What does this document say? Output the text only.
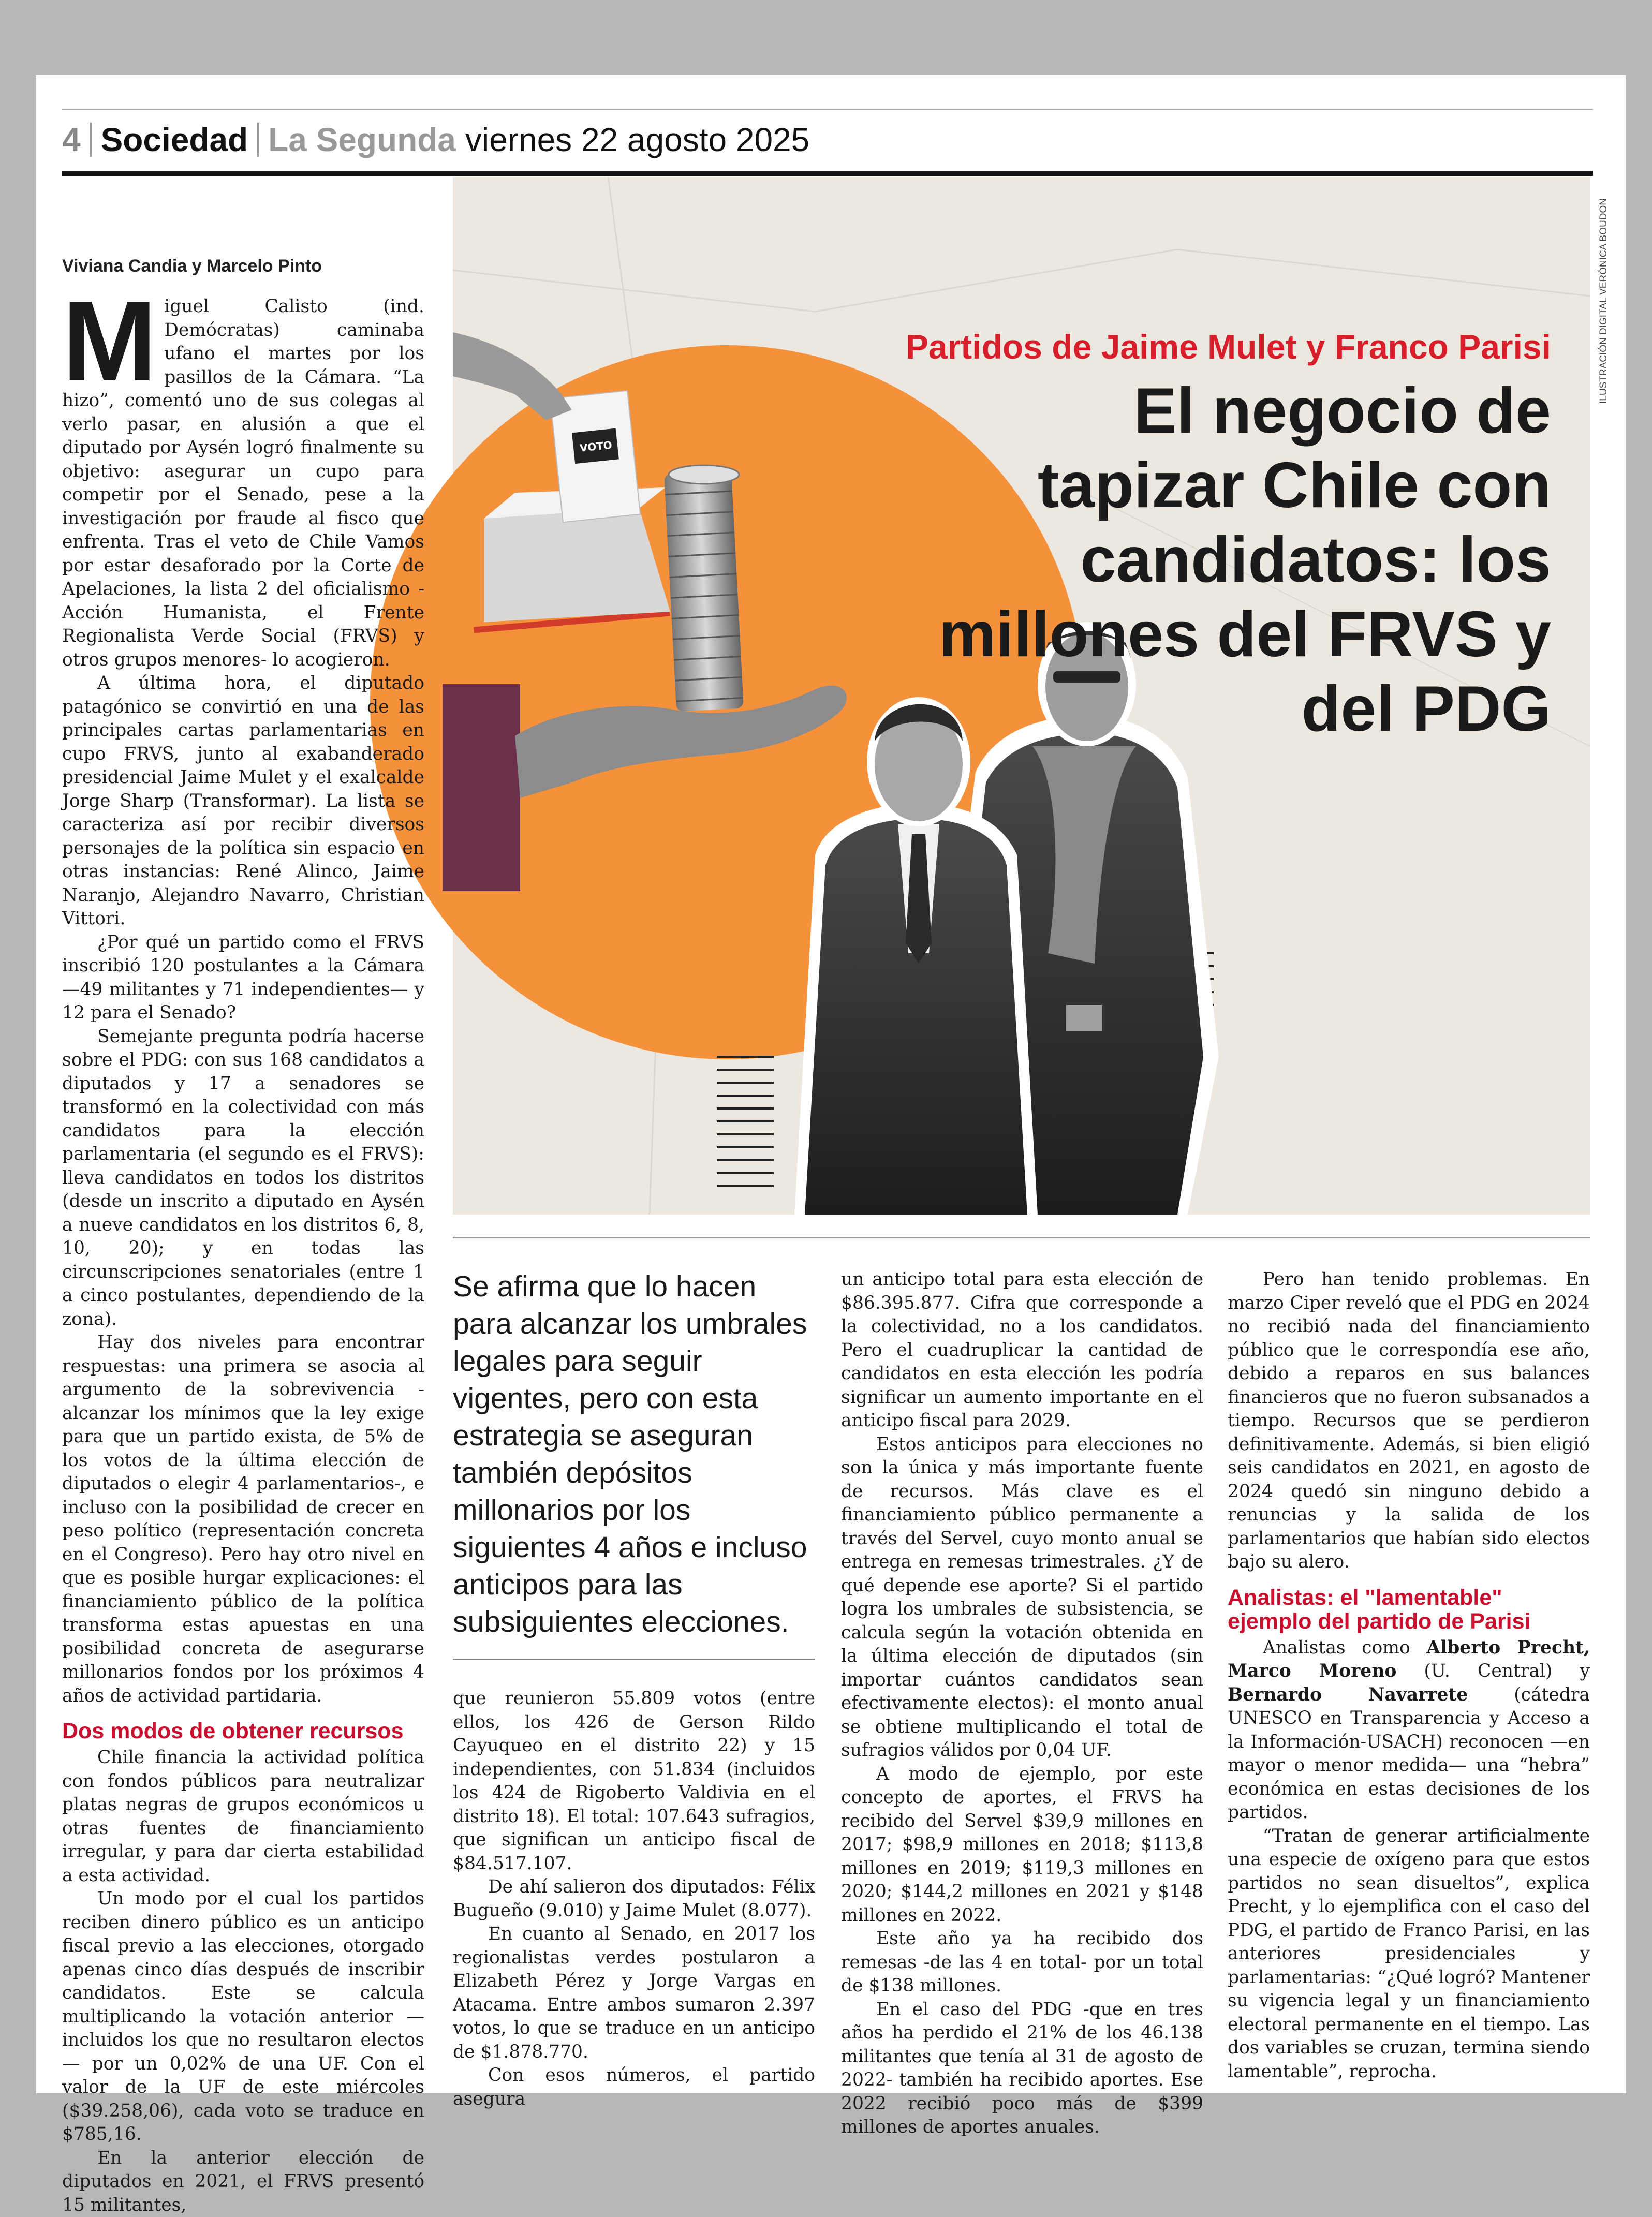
4 Sociedad La Segunda viernes 22 agosto 2025
ILUSTRACIÓN DIGITAL VERÓNICA BOUDON
VOTO
Partidos de Jaime Mulet y Franco Parisi
El negocio de tapizar Chile con candidatos: los millones del FRVS y del PDG
Viviana Candia y Marcelo Pinto

Miguel Calisto (ind. Demócratas) caminaba ufano el martes por los pasillos de la Cámara. “La hizo”, comentó uno de sus colegas al verlo pasar, en alusión a que el diputado por Aysén logró finalmente su objetivo: asegurar un cupo para competir por el Senado, pese a la investigación por fraude al fisco que enfrenta. Tras el veto de Chile Vamos por estar desaforado por la Corte de Apelaciones, la lista 2 del oficialismo -Acción Humanista, el Frente Regionalista Verde Social (FRVS) y otros grupos menores- lo acogieron.

A última hora, el diputado patagónico se convirtió en una de las principales cartas parlamentarias en cupo FRVS, junto al exabanderado presidencial Jaime Mulet y el exalcalde Jorge Sharp (Transformar). La lista se caracteriza así por recibir diversos personajes de la política sin espacio en otras instancias: René Alinco, Jaime Naranjo, Alejandro Navarro, Christian Vittori.

¿Por qué un partido como el FRVS inscribió 120 postulantes a la Cámara —49 militantes y 71 independientes— y 12 para el Senado?

Semejante pregunta podría hacerse sobre el PDG: con sus 168 candidatos a diputados y 17 a senadores se transformó en la colectividad con más candidatos para la elección parlamentaria (el segundo es el FRVS): lleva candidatos en todos los distritos (desde un inscrito a diputado en Aysén a nueve candidatos en los distritos 6, 8, 10, 20); y en todas las circunscripciones senatoriales (entre 1 a cinco postulantes, dependiendo de la zona).

Hay dos niveles para encontrar respuestas: una primera se asocia al argumento de la sobrevivencia -alcanzar los mínimos que la ley exige para que un partido exista, de 5% de los votos de la última elección de diputados o elegir 4 parlamentarios-, e incluso con la posibilidad de crecer en peso político (representación concreta en el Congreso). Pero hay otro nivel en que es posible hurgar explicaciones: el financiamiento público de la política transforma estas apuestas en una posibilidad concreta de asegurarse millonarios fondos por los próximos 4 años de actividad partidaria.

Dos modos de obtener recursos

Chile financia la actividad política con fondos públicos para neutralizar platas negras de grupos económicos u otras fuentes de financiamiento irregular, y para dar cierta estabilidad a esta actividad.

Un modo por el cual los partidos reciben dinero público es un anticipo fiscal previo a las elecciones, otorgado apenas cinco días después de inscribir candidatos. Este se calcula multiplicando la votación anterior —incluidos los que no resultaron electos— por un 0,02% de una UF. Con el valor de la UF de este miércoles ($39.258,06), cada voto se traduce en $785,16.

En la anterior elección de diputados en 2021, el FRVS presentó 15 militantes,

Se afirma que lo hacen para alcanzar los umbrales legales para seguir vigentes, pero con esta estrategia se aseguran también depósitos millonarios por los siguientes 4 años e incluso anticipos para las subsiguientes elecciones.

que reunieron 55.809 votos (entre ellos, los 426 de Gerson Rildo Cayuqueo en el distrito 22) y 15 independientes, con 51.834 (incluidos los 424 de Rigoberto Valdivia en el distrito 18). El total: 107.643 sufragios, que significan un anticipo fiscal de $84.517.107.

De ahí salieron dos diputados: Félix Bugueño (9.010) y Jaime Mulet (8.077).

En cuanto al Senado, en 2017 los regionalistas verdes postularon a Elizabeth Pérez y Jorge Vargas en Atacama. Entre ambos sumaron 2.397 votos, lo que se traduce en un anticipo de $1.878.770.

Con esos números, el partido asegura

un anticipo total para esta elección de $86.395.877. Cifra que corresponde a la colectividad, no a los candidatos. Pero el cuadruplicar la cantidad de candidatos en esta elección les podría significar un aumento importante en el anticipo fiscal para 2029.

Estos anticipos para elecciones no son la única y más importante fuente de recursos. Más clave es el financiamiento público permanente a través del Servel, cuyo monto anual se entrega en remesas trimestrales. ¿Y de qué depende ese aporte? Si el partido logra los umbrales de subsistencia, se calcula según la votación obtenida en la última elección de diputados (sin importar cuántos candidatos sean efectivamente electos): el monto anual se obtiene multiplicando el total de sufragios válidos por 0,04 UF.

A modo de ejemplo, por este concepto de aportes, el FRVS ha recibido del Servel $39,9 millones en 2017; $98,9 millones en 2018; $113,8 millones en 2019; $119,3 millones en 2020; $144,2 millones en 2021 y $148 millones en 2022.

Este año ya ha recibido dos remesas -de las 4 en total- por un total de $138 millones.

En el caso del PDG -que en tres años ha perdido el 21% de los 46.138 militantes que tenía al 31 de agosto de 2022- también ha recibido aportes. Ese 2022 recibió poco más de $399 millones de aportes anuales.

Pero han tenido problemas. En marzo Ciper reveló que el PDG en 2024 no recibió nada del financiamiento público que le correspondía ese año, debido a reparos en sus balances financieros que no fueron subsanados a tiempo. Recursos que se perdieron definitivamente. Además, si bien eligió seis candidatos en 2021, en agosto de 2024 quedó sin ninguno debido a renuncias y la salida de los parlamentarios que habían sido electos bajo su alero.

Analistas: el "lamentable" ejemplo del partido de Parisi

Analistas como Alberto Precht, Marco Moreno (U. Central) y Bernardo Navarrete (cátedra UNESCO en Transparencia y Acceso a la Información-USACH) reconocen —en mayor o menor medida— una “hebra” económica en estas decisiones de los partidos.

“Tratan de generar artificialmente una especie de oxígeno para que estos partidos no sean disueltos”, explica Precht, y lo ejemplifica con el caso del PDG, el partido de Franco Parisi, en las anteriores presidenciales y parlamentarias: “¿Qué logró? Mantener su vigencia legal y un financiamiento electoral permanente en el tiempo. Las dos variables se cruzan, termina siendo lamentable”, reprocha.
